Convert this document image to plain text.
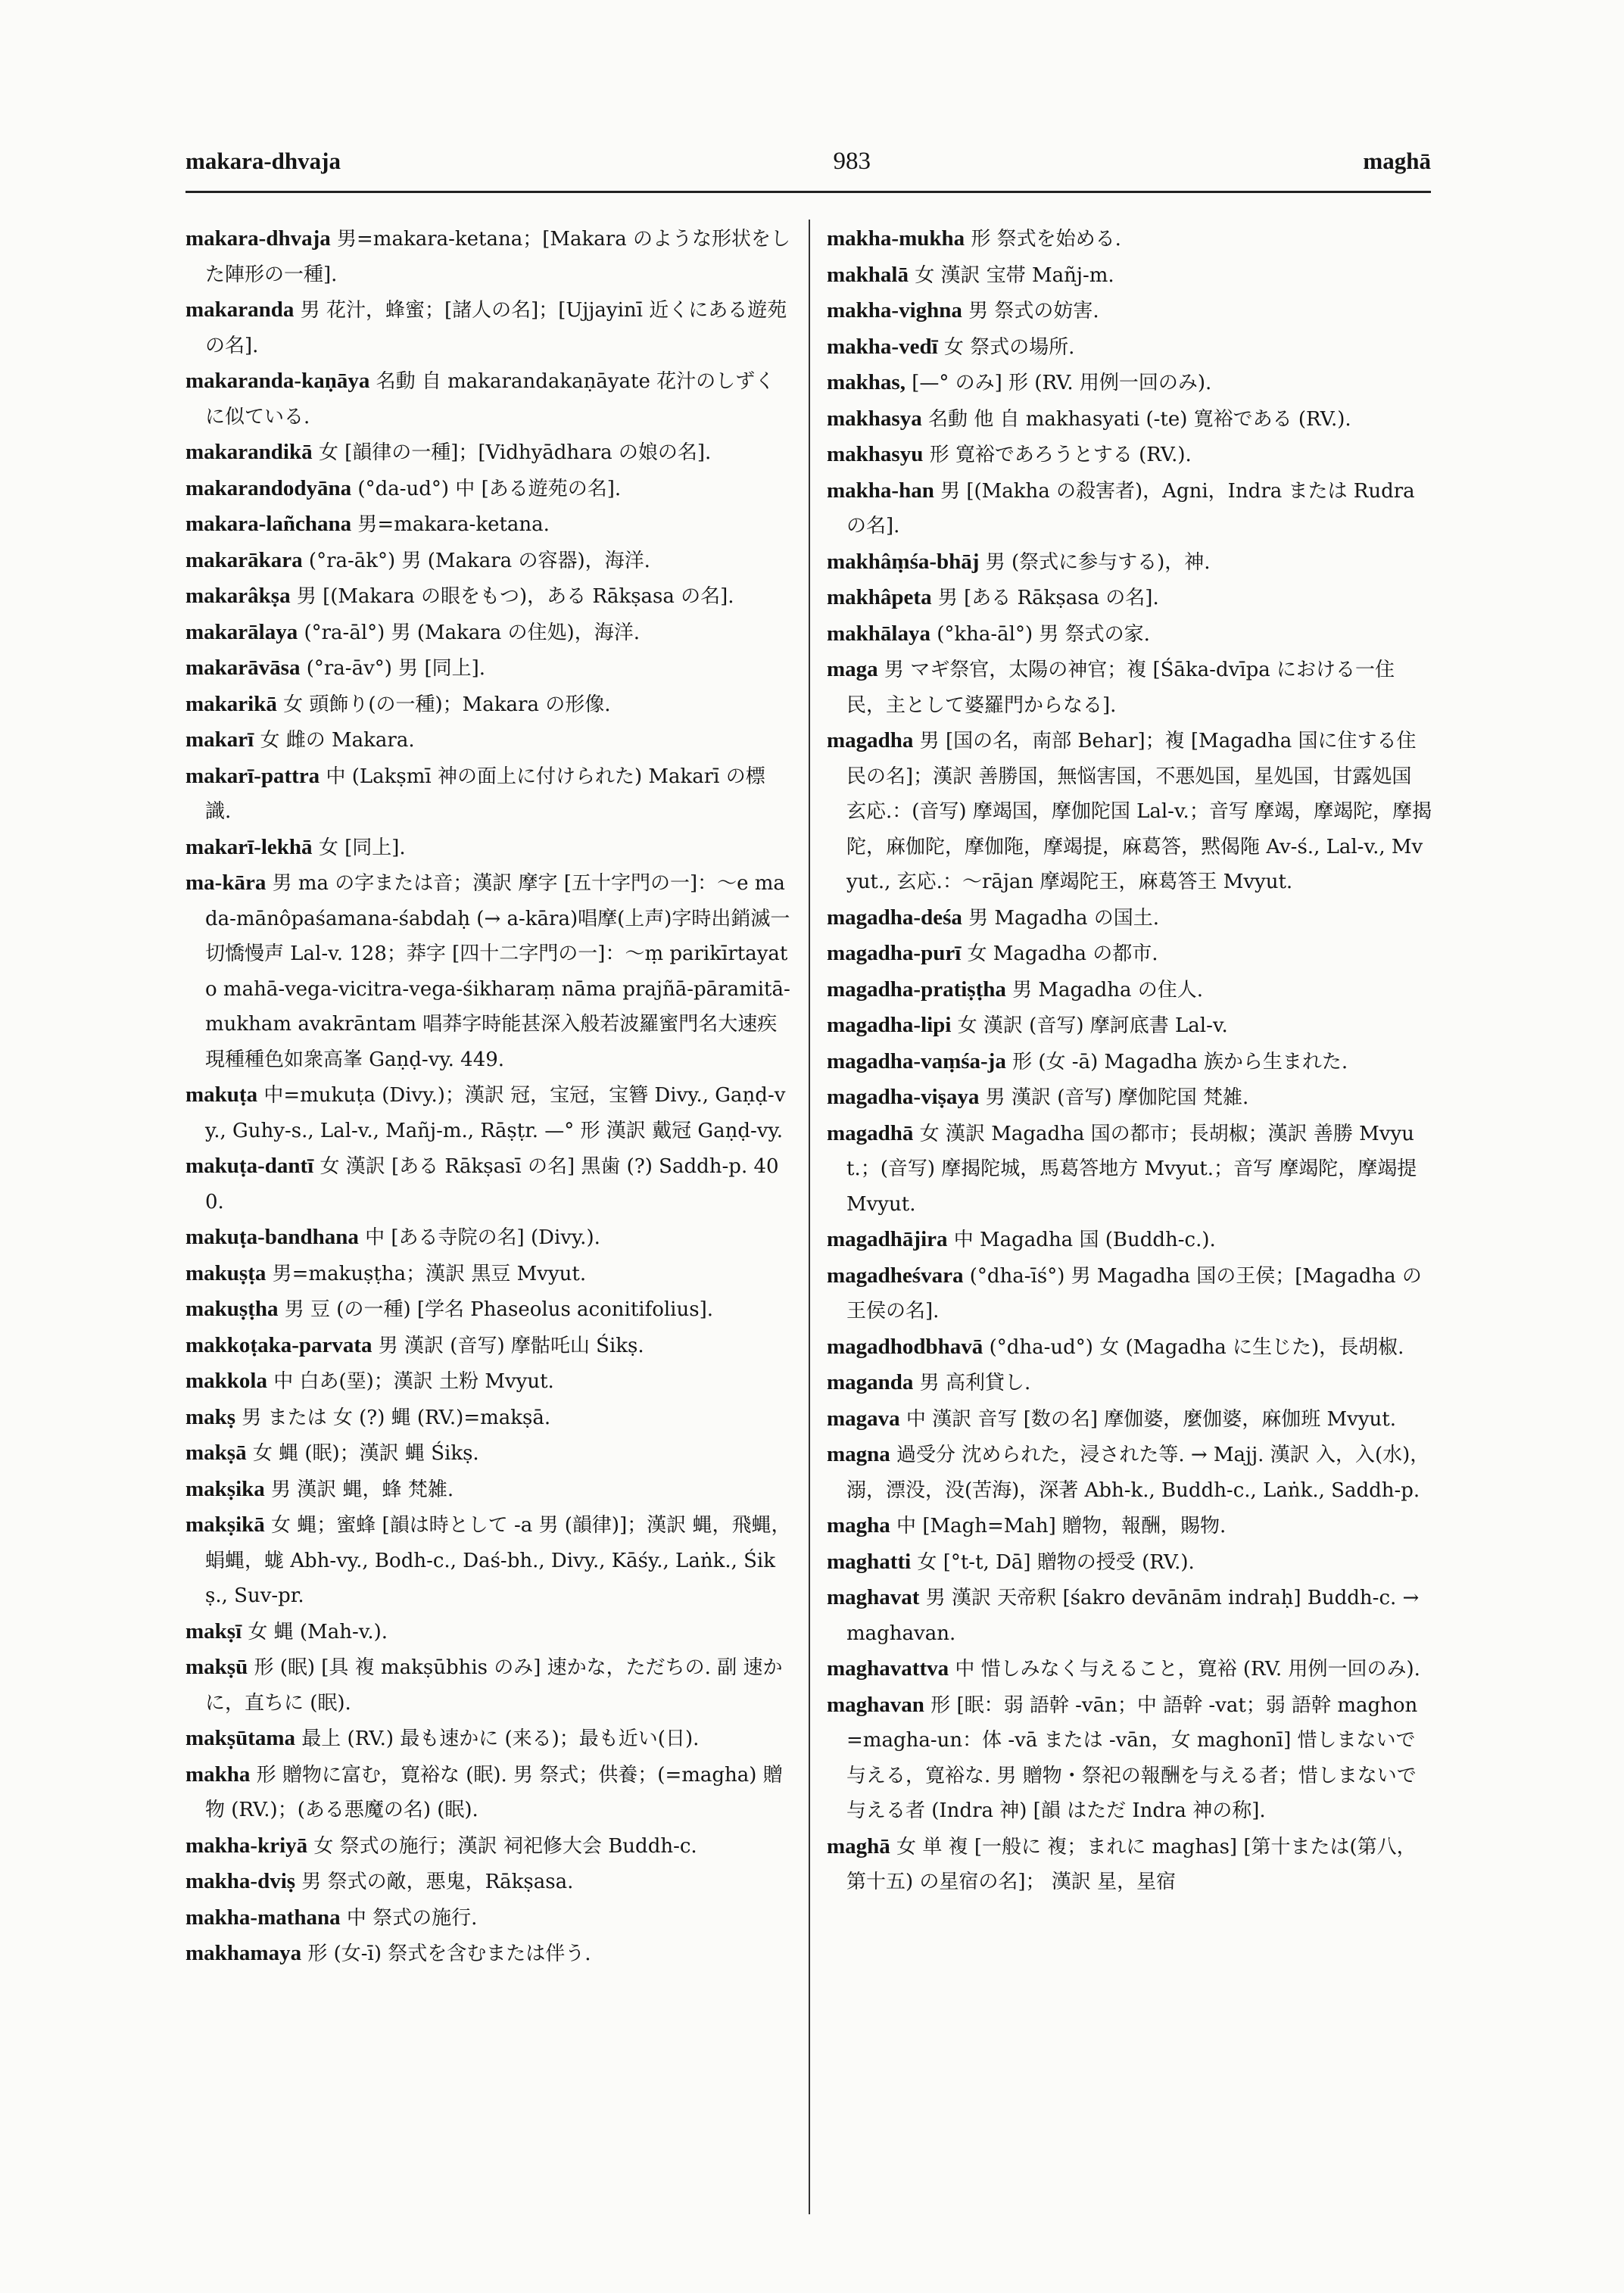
makara-dhvaja	983	maghā

makara-dhvaja 男=makara-ketana；[Makara のような形状をした陣形の一種].

makaranda 男 花汁，蜂蜜；[諸人の名]；[Ujjayinī 近くにある遊苑の名].

makaranda-kaṇāya 名動 自 makarandakaṇāyate 花汁のしずくに似ている.

makarandikā 女 [韻律の一種]；[Vidhyādhara の娘の名].

makarandodyāna (°da-ud°) 中 [ある遊苑の名].

makara-lañchana 男=makara-ketana.

makarākara (°ra-āk°) 男 (Makara の容器)，海洋.

makarâkṣa 男 [(Makara の眼をもつ)，ある Rākṣasa の名].

makarālaya (°ra-āl°) 男 (Makara の住処)，海洋.

makarāvāsa (°ra-āv°) 男 [同上].

makarikā 女 頭飾り(の一種)；Makara の形像.

makarī 女 雌の Makara.

makarī-pattra 中 (Lakṣmī 神の面上に付けられた) Makarī の標識.

makarī-lekhā 女 [同上].

ma-kāra 男 ma の字または音；漢訳 摩字 [五十字門の一]：～e mada-mānôpaśamana-śabdaḥ (→ a-kāra)唱摩(上声)字時出銷滅一切憍慢声 Lal-v. 128；莽字 [四十二字門の一]：～ṃ parikīrtayato mahā-vega-vicitra-vega-śikharaṃ nāma prajñā-pāramitā-mukham avakrāntam 唱莽字時能甚深入般若波羅蜜門名大速疾現種種色如衆高峯 Gaṇḍ-vy. 449.

makuṭa 中=mukuṭa (Divy.)；漢訳 冠，宝冠，宝簪 Divy., Gaṇḍ-vy., Guhy-s., Lal-v., Mañj-m., Rāṣṭr. —° 形 漢訳 戴冠 Gaṇḍ-vy.

makuṭa-dantī 女 漢訳 [ある Rākṣasī の名] 黒歯 (?) Saddh-p. 400.

makuṭa-bandhana 中 [ある寺院の名] (Divy.).

makuṣṭa 男=makuṣṭha；漢訳 黒豆 Mvyut.

makuṣṭha 男 豆 (の一種) [学名 Phaseolus aconitifolius].

makkoṭaka-parvata 男 漢訳 (音写) 摩骷吒山 Śikṣ.

makkola 中 白あ(堊)；漢訳 土粉 Mvyut.

makṣ 男 または 女 (?) 蝿 (RV.)=makṣā.

makṣā 女 蝿 (眠)；漢訳 蝿 Śikṣ.

makṣika 男 漢訳 蝿，蜂 梵雑.

makṣikā 女 蝿；蜜蜂 [韻は時として -a 男 (韻律)]；漢訳 蝿，飛蝿，蜎蝿，蛖 Abh-vy., Bodh-c., Daś-bh., Divy., Kāśy., Laṅk., Śikṣ., Suv-pr.

makṣī 女 蝿 (Mah-v.).

makṣū 形 (眠) [具 複 makṣūbhis のみ] 速かな，ただちの. 副 速かに，直ちに (眠).

makṣūtama 最上 (RV.) 最も速かに (来る)；最も近い(日).

makha 形 贈物に富む，寛裕な (眠). 男 祭式；供養；(=magha) 贈物 (RV.)；(ある悪魔の名) (眠).

makha-kriyā 女 祭式の施行；漢訳 祠祀修大会 Buddh-c.

makha-dviṣ 男 祭式の敵，悪鬼，Rākṣasa.

makha-mathana 中 祭式の施行.

makhamaya 形 (女-ī) 祭式を含むまたは伴う.

makha-mukha 形 祭式を始める.

makhalā 女 漢訳 宝帯 Mañj-m.

makha-vighna 男 祭式の妨害.

makha-vedī 女 祭式の場所.

makhas, [—° のみ] 形 (RV. 用例一回のみ).

makhasya 名動 他 自 makhasyati (-te) 寛裕である (RV.).

makhasyu 形 寛裕であろうとする (RV.).

makha-han 男 [(Makha の殺害者)，Agni，Indra または Rudra の名].

makhâṃśa-bhāj 男 (祭式に参与する)，神.

makhâpeta 男 [ある Rākṣasa の名].

makhālaya (°kha-āl°) 男 祭式の家.

maga 男 マギ祭官，太陽の神官；複 [Śāka-dvīpa における一住民，主として婆羅門からなる].

magadha 男 [国の名，南部 Behar]；複 [Magadha 国に住する住民の名]；漢訳 善勝国，無悩害国，不悪処国，星処国，甘露処国 玄応.：(音写) 摩竭国，摩伽陀国 Lal-v.；音写 摩竭，摩竭陀，摩揭陀，麻伽陀，摩伽陁，摩竭提，麻葛答，黙偈陁 Av-ś., Lal-v., Mvyut., 玄応.：～rājan 摩竭陀王，麻葛答王 Mvyut.

magadha-deśa 男 Magadha の国土.

magadha-purī 女 Magadha の都市.

magadha-pratiṣṭha 男 Magadha の住人.

magadha-lipi 女 漢訳 (音写) 摩訶底書 Lal-v.

magadha-vaṃśa-ja 形 (女 -ā) Magadha 族から生まれた.

magadha-viṣaya 男 漢訳 (音写) 摩伽陀国 梵雑.

magadhā 女 漢訳 Magadha 国の都市；長胡椒；漢訳 善勝 Mvyut.；(音写) 摩揭陀城，馬葛答地方 Mvyut.；音写 摩竭陀，摩竭提 Mvyut.

magadhājira 中 Magadha 国 (Buddh-c.).

magadheśvara (°dha-īś°) 男 Magadha 国の王侯；[Magadha の王侯の名].

magadhodbhavā (°dha-ud°) 女 (Magadha に生じた)，長胡椒.

maganda 男 高利貸し.

magava 中 漢訳 音写 [数の名] 摩伽婆，麼伽婆，麻伽班 Mvyut.

magna 過受分 沈められた，浸された等. → Majj. 漢訳 入，入(水)，溺，漂没，没(苦海)，深著 Abh-k., Buddh-c., Laṅk., Saddh-p.

magha 中 [Magh=Mah] 贈物，報酬，賜物.

maghatti 女 [°t-t, Dā] 贈物の授受 (RV.).

maghavat 男 漢訳 天帝釈 [śakro devānām indraḥ] Buddh-c. → maghavan.

maghavattva 中 惜しみなく与えること，寛裕 (RV. 用例一回のみ).

maghavan 形 [眠：弱 語幹 -vān；中 語幹 -vat；弱 語幹 maghon=magha-un：体 -vā または -vān，女 maghonī] 惜しまないで与える，寛裕な. 男 贈物・祭祀の報酬を与える者；惜しまないで与える者 (Indra 神) [韻 はただ Indra 神の称].

maghā 女 単 複 [一般に 複；まれに maghas] [第十または(第八，第十五) の星宿の名]； 漢訳 星，星宿
